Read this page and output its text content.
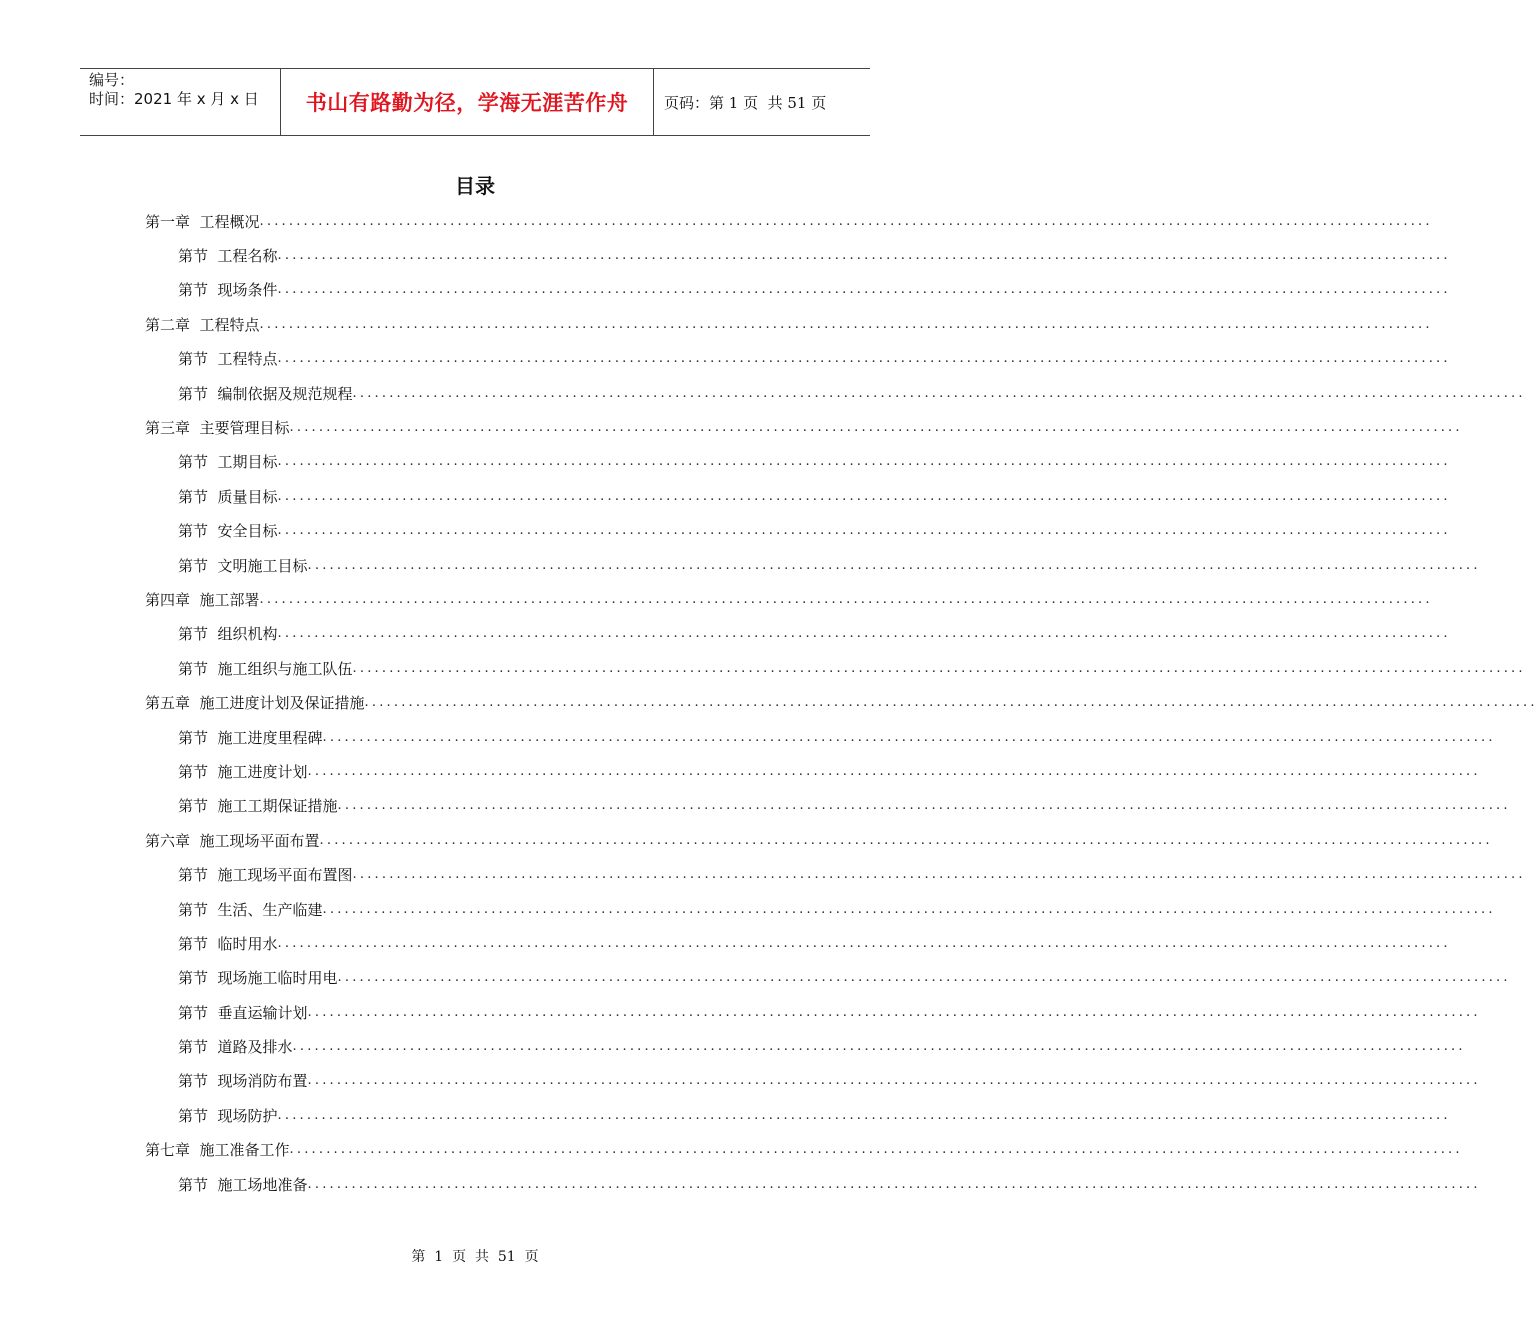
编号：
时间：2021 年 x 月 x 日	书山有路勤为径，学海无涯苦作舟	页码：第 1 页  共 51 页
目录
第一章  工程概况 ................................................................................................................................................................
第节  工程名称 ................................................................................................................................................................
第节  现场条件 ................................................................................................................................................................
第二章  工程特点 ................................................................................................................................................................
第节  工程特点 ................................................................................................................................................................
第节  编制依据及规范规程 ................................................................................................................................................................
第三章  主要管理目标 ................................................................................................................................................................
第节  工期目标 ................................................................................................................................................................
第节  质量目标 ................................................................................................................................................................
第节  安全目标 ................................................................................................................................................................
第节  文明施工目标 ................................................................................................................................................................
第四章  施工部署 ................................................................................................................................................................
第节  组织机构 ................................................................................................................................................................
第节  施工组织与施工队伍 ................................................................................................................................................................
第五章  施工进度计划及保证措施 ................................................................................................................................................................
第节  施工进度里程碑 ................................................................................................................................................................
第节  施工进度计划 ................................................................................................................................................................
第节  施工工期保证措施 ................................................................................................................................................................
第六章  施工现场平面布置 ................................................................................................................................................................
第节  施工现场平面布置图 ................................................................................................................................................................
第节  生活、生产临建 ................................................................................................................................................................
第节  临时用水 ................................................................................................................................................................
第节  现场施工临时用电 ................................................................................................................................................................
第节  垂直运输计划 ................................................................................................................................................................
第节  道路及排水 ................................................................................................................................................................
第节  现场消防布置 ................................................................................................................................................................
第节  现场防护 ................................................................................................................................................................
第七章  施工准备工作 ................................................................................................................................................................
第节  施工场地准备 ................................................................................................................................................................
第  1  页  共  51  页
